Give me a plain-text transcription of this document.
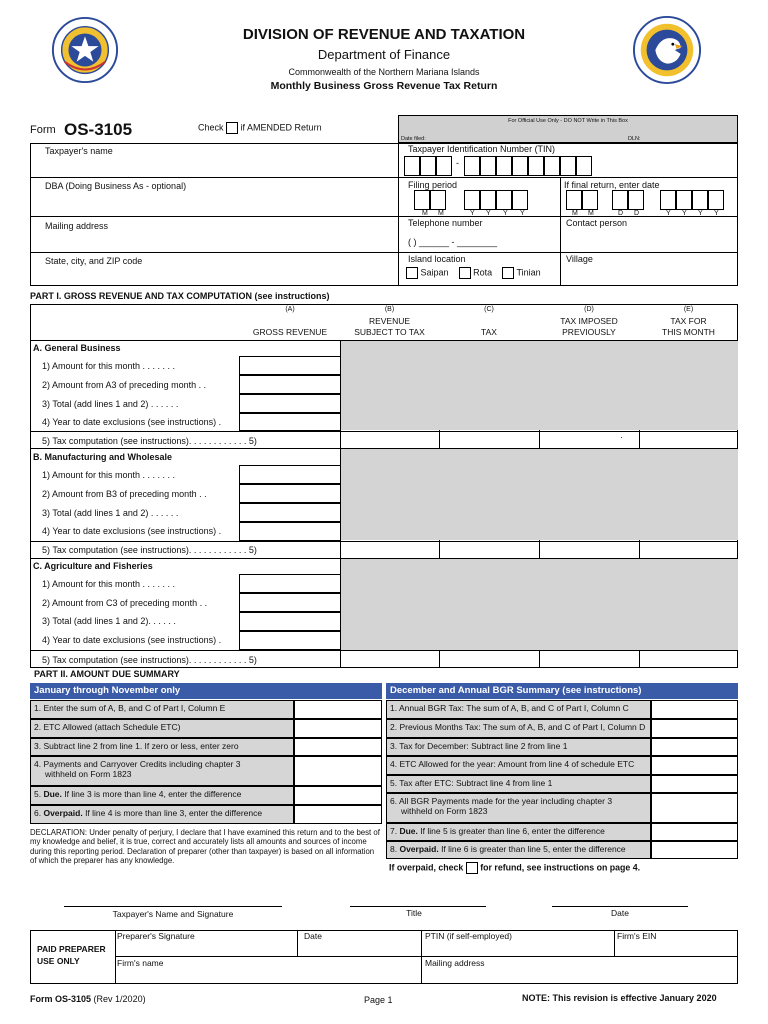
DIVISION OF REVENUE AND TAXATION
Department of Finance
Commonwealth of the Northern Mariana Islands
Monthly Business Gross Revenue Tax Return
Form OS-3105	Check if AMENDED Return
For Official Use Only - DO NOT Write in This Box
Date filed:	DLN:
Taxpayer's name
DBA (Doing Business As - optional)
Mailing address
State, city, and ZIP code
Taxpayer Identification Number (TIN)
-
Filing period
M M	Y Y Y Y
If final return, enter date
M M	D D	Y Y Y Y
Telephone number
( ) ______ - ________
Contact person
Island location
Saipan	Rota	Tinian
Village
PART I. GROSS REVENUE AND TAX COMPUTATION (see instructions)
(A)
GROSS REVENUE
(B)
REVENUE
SUBJECT TO TAX
(C)
TAX
(D)
TAX IMPOSED
PREVIOUSLY
(E)
TAX FOR
THIS MONTH
A. General Business
1) Amount for this month . . . . . . .
2) Amount from A3 of preceding month . .
3) Total (add lines 1 and 2) . . . . . .
4) Year to date exclusions (see instructions) .
5) Tax computation (see instructions). . . . . . . . . . . . 5)	·
B. Manufacturing and Wholesale
1) Amount for this month . . . . . . .
2) Amount from B3 of preceding month . .
3) Total (add lines 1 and 2) . . . . . .
4) Year to date exclusions (see instructions) .
5) Tax computation (see instructions). . . . . . . . . . . . 5)
C. Agriculture and Fisheries
1) Amount for this month . . . . . . .
2) Amount from C3 of preceding month . .
3) Total (add lines 1 and 2). . . . . .
4) Year to date exclusions (see instructions) .
5) Tax computation (see instructions). . . . . . . . . . . . 5)
PART II. AMOUNT DUE SUMMARY
January through November only
1. Enter the sum of A, B, and C of Part I, Column E
2. ETC Allowed (attach Schedule ETC)
3. Subtract line 2 from line 1. If zero or less, enter zero
4. Payments and Carryover Credits including chapter 3
withheld on Form 1823
5. Due. If line 3 is more than line 4, enter the difference
6. Overpaid. If line 4 is more than line 3, enter the difference
DECLARATION: Under penalty of perjury, I declare that I have examined this return and to the best of my knowledge and belief, it is true, correct and accurately lists all amounts and sources of income during this reporting period. Declaration of preparer (other than taxpayer) is based on all information of which the preparer has any knowledge.
December and Annual BGR Summary (see instructions)
1. Annual BGR Tax: The sum of A, B, and C of Part I, Column C
2. Previous Months Tax: The sum of A, B, and C of Part I, Column D
3. Tax for December: Subtract line 2 from line 1
4. ETC Allowed for the year: Amount from line 4 of schedule ETC
5. Tax after ETC: Subtract line 4 from line 1
6. All BGR Payments made for the year including chapter 3
withheld on Form 1823
7. Due. If line 5 is greater than line 6, enter the difference
8. Overpaid. If line 6 is greater than line 5, enter the difference
If overpaid, check for refund, see instructions on page 4.
Taxpayer's Name and Signature	Title	Date
PAID PREPARER
USE ONLY
Preparer's Signature	Date	PTIN (if self-employed)	Firm's EIN
Firm's name	Mailing address
Form OS-3105 (Rev 1/2020)	Page 1	NOTE: This revision is effective January 2020
